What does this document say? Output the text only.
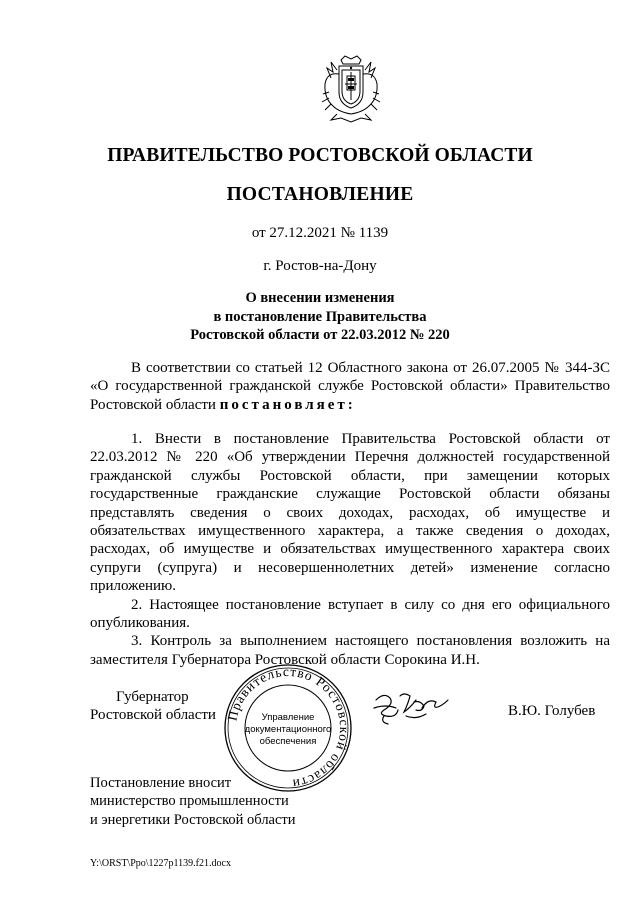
ПРАВИТЕЛЬСТВО РОСТОВСКОЙ ОБЛАСТИ
ПОСТАНОВЛЕНИЕ
от 27.12.2021 № 1139
г. Ростов-на-Дону
О внесении изменения
в постановление Правительства
Ростовской области от 22.03.2012 № 220

В соответствии со статьей 12 Областного закона от 26.07.2005 № 344-ЗС «О государственной гражданской службе Ростовской области» Правительство Ростовской области постановляет:

1. Внести в постановление Правительства Ростовской области от 22.03.2012 № 220 «Об утверждении Перечня должностей государственной гражданской службы Ростовской области, при замещении которых государственные гражданские служащие Ростовской области обязаны представлять сведения о своих доходах, расходах, об имуществе и обязательствах имущественного характера, а также сведения о доходах, расходах, об имуществе и обязательствах имущественного характера своих супруги (супруга) и несовершеннолетних детей» изменение согласно приложению.

2. Настоящее постановление вступает в силу со дня его официального опубликования.

3. Контроль за выполнением настоящего постановления возложить на заместителя Губернатора Ростовской области Сорокина И.Н.

Губернатор
Ростовской области Правительство Ростовской области
Управление
документационного
обеспечения
В.Ю. Голубев
Постановление вносит
министерство промышленности
и энергетики Ростовской области
Y:\ORST\Ppo\1227p1139.f21.docx
